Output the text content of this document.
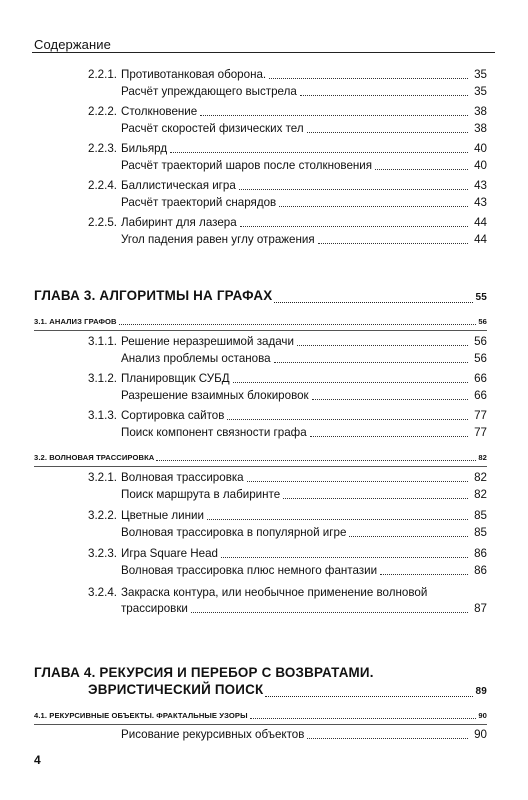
Содержание
2.2.1. Противотанковая оборона.	35
Расчёт упреждающего выстрела	35
2.2.2. Столкновение	38
Расчёт скоростей физических тел	38
2.2.3. Бильярд	40
Расчёт траекторий шаров после столкновения	40
2.2.4. Баллистическая игра	43
Расчёт траекторий снарядов	43
2.2.5. Лабиринт для лазера	44
Угол падения равен углу отражения	44
ГЛАВА 3. АЛГОРИТМЫ НА ГРАФАХ	55
3.1. АНАЛИЗ ГРАФОВ	56
3.1.1. Решение неразрешимой задачи	56
Анализ проблемы останова	56
3.1.2. Планировщик СУБД	66
Разрешение взаимных блокировок	66
3.1.3. Сортировка сайтов	77
Поиск компонент связности графа	77
3.2. ВОЛНОВАЯ ТРАССИРОВКА	82
3.2.1. Волновая трассировка	82
Поиск маршрута в лабиринте	82
3.2.2. Цветные линии	85
Волновая трассировка в популярной игре	85
3.2.3. Игра Square Head	86
Волновая трассировка плюс немного фантазии	86
3.2.4. Закраска контура, или необычное применение волновой
трассировки	87
ГЛАВА 4. РЕКУРСИЯ И ПЕРЕБОР С ВОЗВРАТАМИ.
ЭВРИСТИЧЕСКИЙ ПОИСК	89
4.1. РЕКУРСИВНЫЕ ОБЪЕКТЫ. ФРАКТАЛЬНЫЕ УЗОРЫ	90
Рисование рекурсивных объектов	90
4
